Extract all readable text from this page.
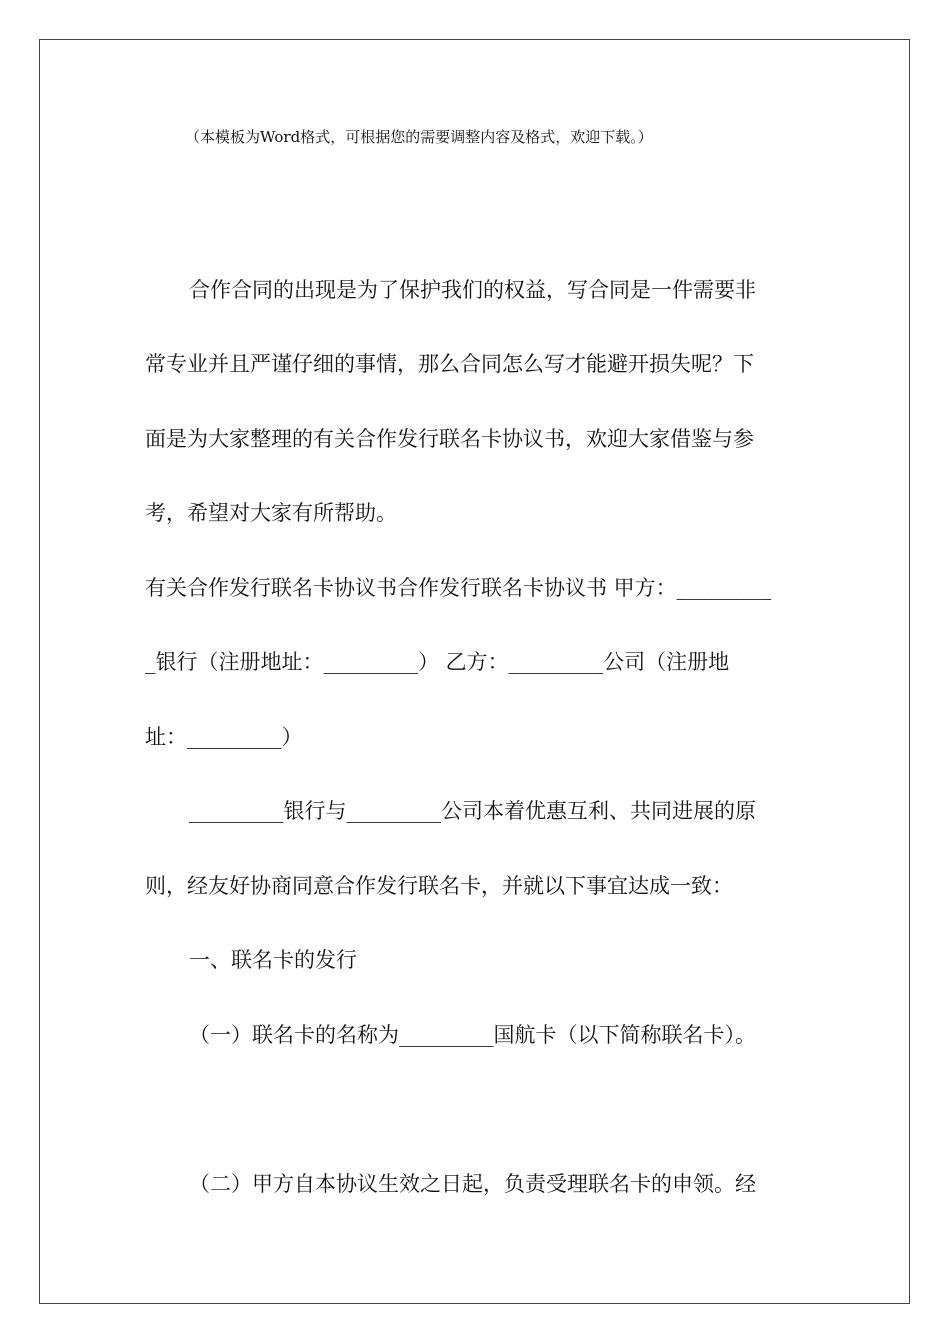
（本模板为Word格式，可根据您的需要调整内容及格式，欢迎下载。）
合作合同的出现是为了保护我们的权益，写合同是一件需要非
常专业并且严谨仔细的事情，那么合同怎么写才能避开损失呢？下
面是为大家整理的有关合作发行联名卡协议书，欢迎大家借鉴与参
考，希望对大家有所帮助。
有关合作发行联名卡协议书合作发行联名卡协议书 甲方：_________
_银行（注册地址：_________） 乙方：_________公司（注册地
址：_________）
_________银行与_________公司本着优惠互利、共同进展的原
则，经友好协商同意合作发行联名卡，并就以下事宜达成一致：
一、联名卡的发行
（一）联名卡的名称为_________国航卡（以下简称联名卡）。
（二）甲方自本协议生效之日起，负责受理联名卡的申领。经
